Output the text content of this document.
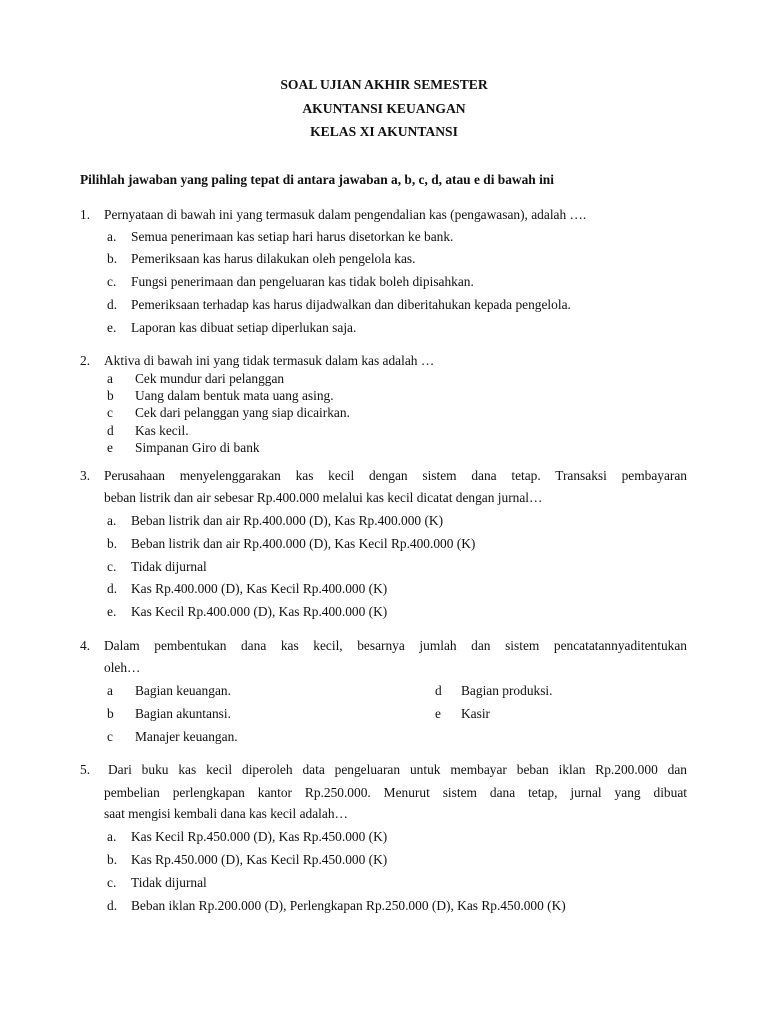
SOAL UJIAN AKHIR SEMESTER
AKUNTANSI KEUANGAN
KELAS XI AKUNTANSI
Pilihlah jawaban yang paling tepat di antara jawaban a, b, c, d, atau e di bawah ini
1. Pernyataan di bawah ini yang termasuk dalam pengendalian kas (pengawasan), adalah ….
a. Semua penerimaan kas setiap hari harus disetorkan ke bank.
b. Pemeriksaan kas harus dilakukan oleh pengelola kas.
c. Fungsi penerimaan dan pengeluaran kas tidak boleh dipisahkan.
d. Pemeriksaan terhadap kas harus dijadwalkan dan diberitahukan kepada pengelola.
e. Laporan kas dibuat setiap diperlukan saja.
2. Aktiva di bawah ini yang tidak termasuk dalam kas adalah …
a Cek mundur dari pelanggan
b Uang dalam bentuk mata uang asing.
c Cek dari pelanggan yang siap dicairkan.
d Kas kecil.
e Simpanan Giro di bank
3. Perusahaan menyelenggarakan kas kecil dengan sistem dana tetap. Transaksi pembayaran
beban listrik dan air sebesar Rp.400.000 melalui kas kecil dicatat dengan jurnal…
a. Beban listrik dan air Rp.400.000 (D), Kas Rp.400.000 (K)
b. Beban listrik dan air Rp.400.000 (D), Kas Kecil Rp.400.000 (K)
c. Tidak dijurnal
d. Kas Rp.400.000 (D), Kas Kecil Rp.400.000 (K)
e. Kas Kecil Rp.400.000 (D), Kas Rp.400.000 (K)
4. Dalam pembentukan dana kas kecil, besarnya jumlah dan sistem pencatatannyaditentukan
oleh…
a Bagian keuangan.
b Bagian akuntansi.
c Manajer keuangan.
d Bagian produksi.
e Kasir
5. Dari buku kas kecil diperoleh data pengeluaran untuk membayar beban iklan Rp.200.000 dan
pembelian perlengkapan kantor Rp.250.000. Menurut sistem dana tetap, jurnal yang dibuat
saat mengisi kembali dana kas kecil adalah…
a. Kas Kecil Rp.450.000 (D), Kas Rp.450.000 (K)
b. Kas Rp.450.000 (D), Kas Kecil Rp.450.000 (K)
c. Tidak dijurnal
d. Beban iklan Rp.200.000 (D), Perlengkapan Rp.250.000 (D), Kas Rp.450.000 (K)
